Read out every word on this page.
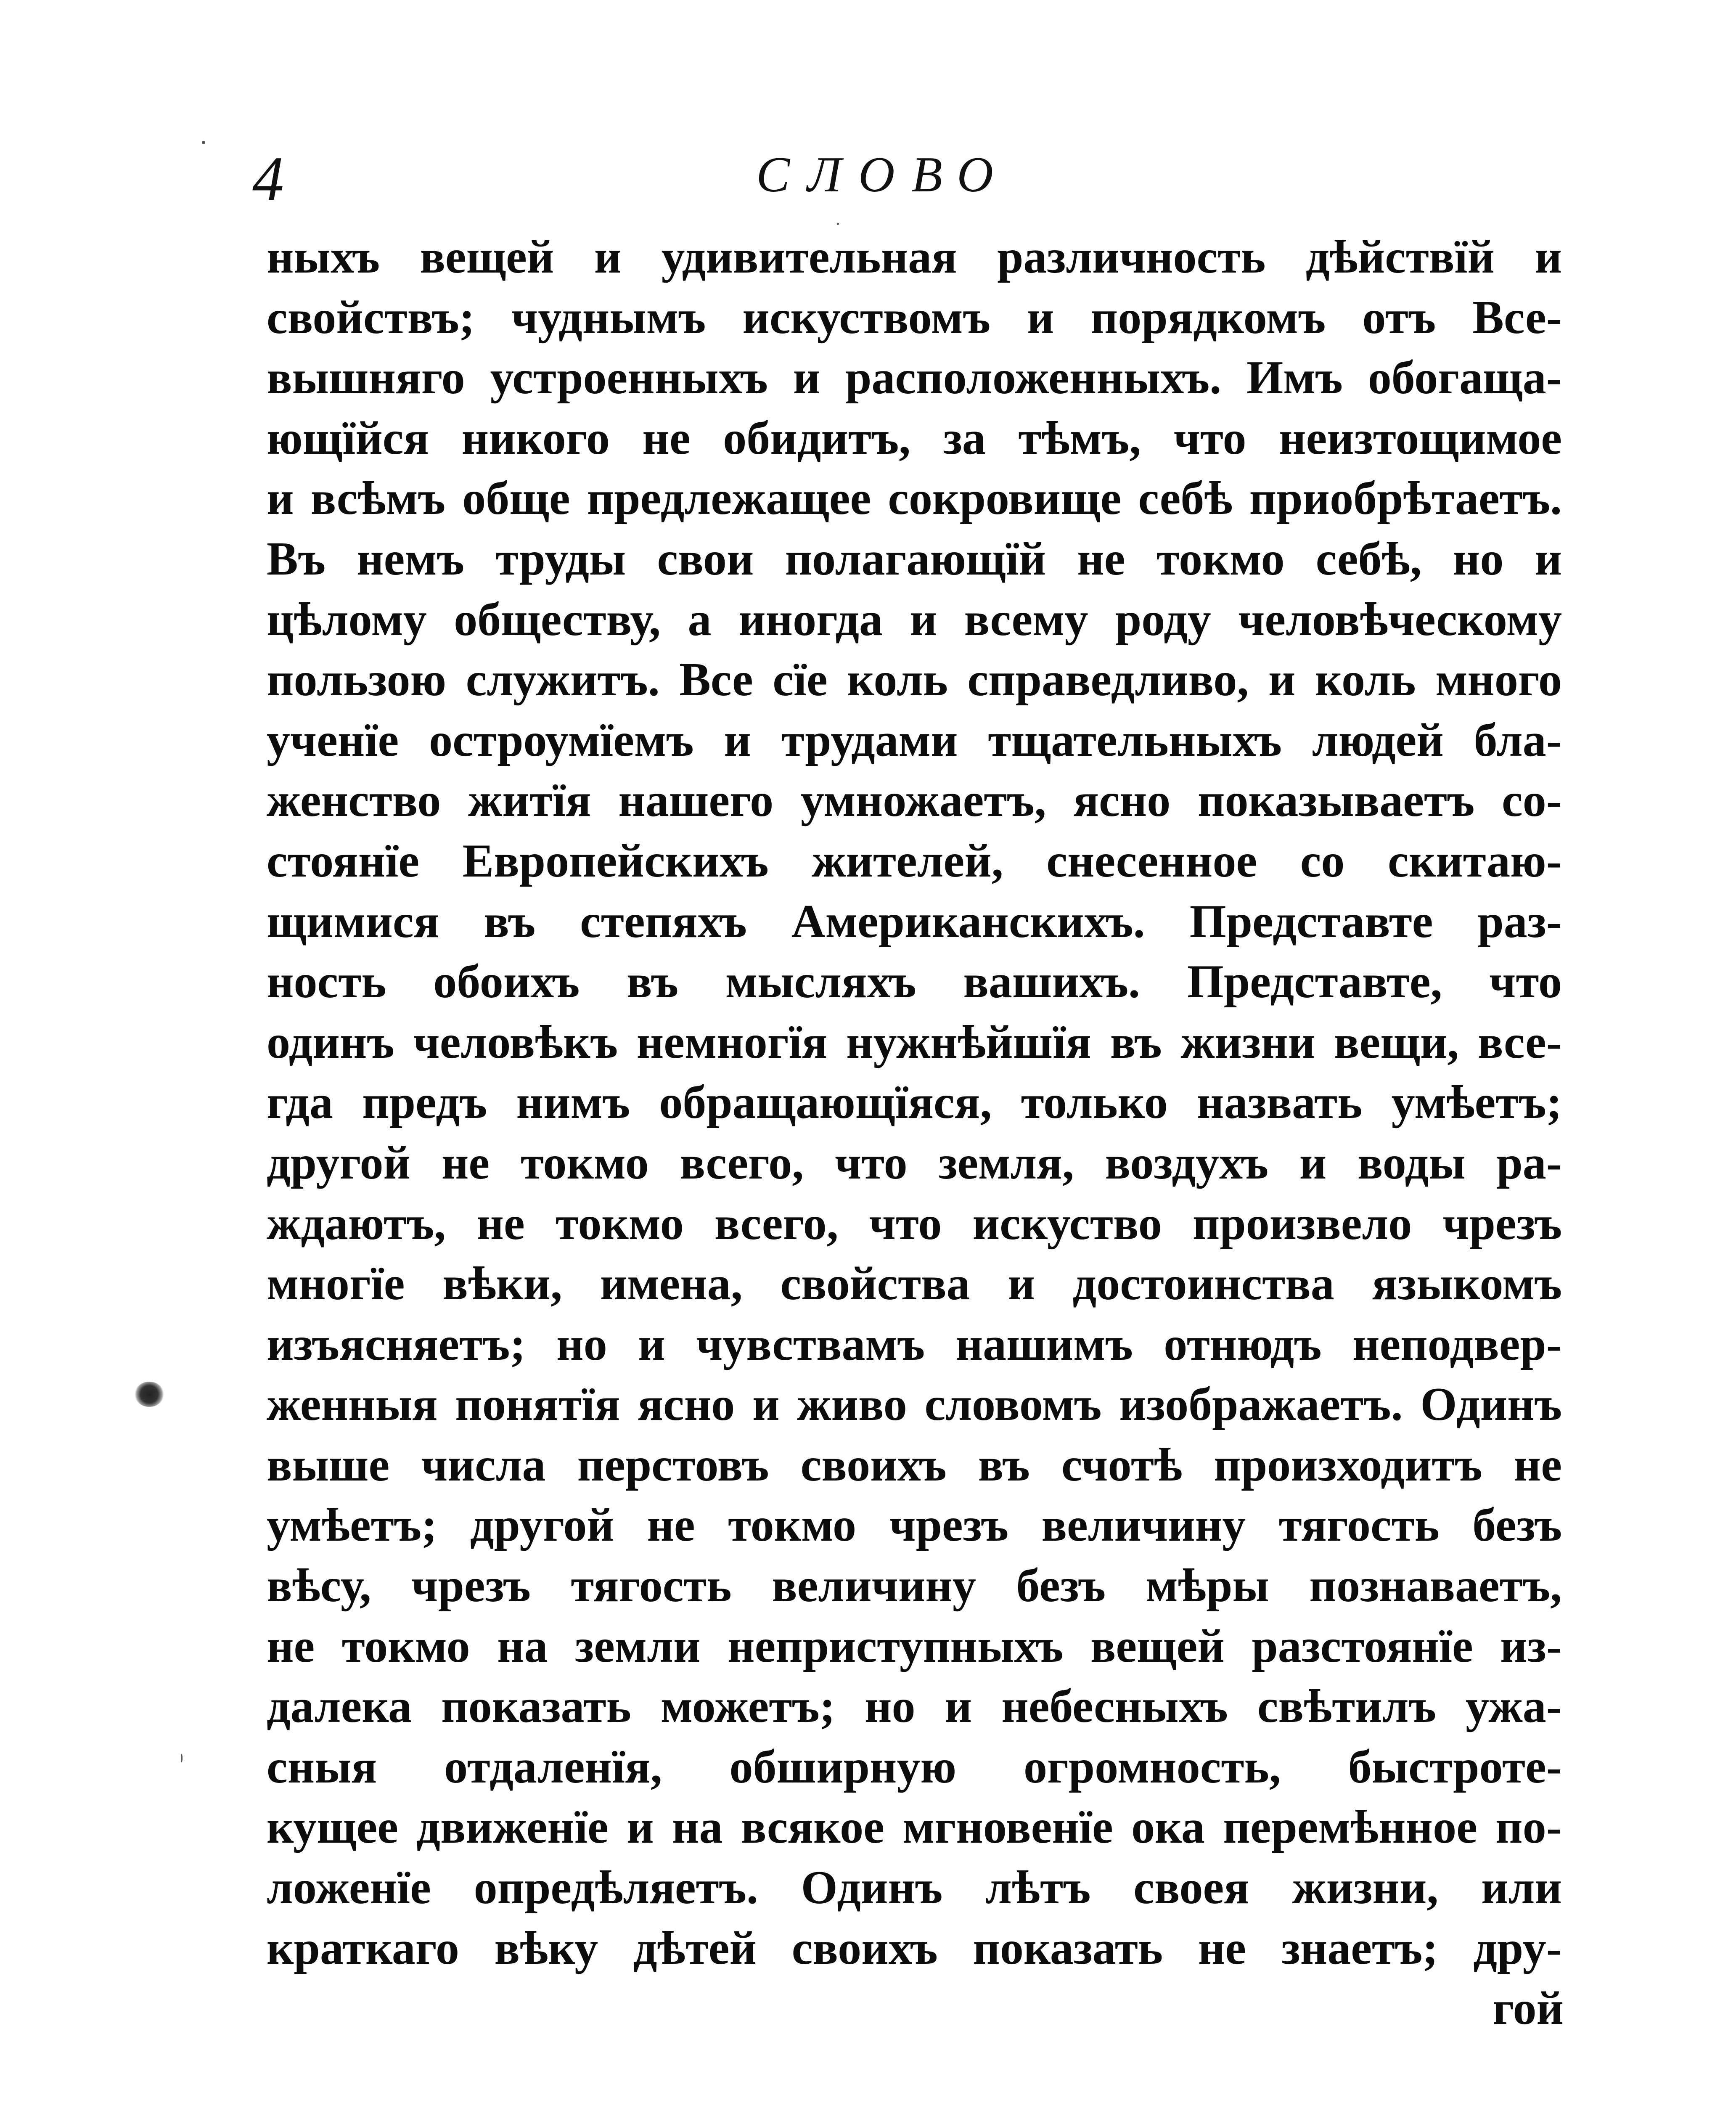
4	СЛОВО
ныхъ вещей и удивительная различность дѣйствїй и
свойствъ; чуднымъ искуствомъ и порядкомъ отъ Все-
вышняго устроенныхъ и расположенныхъ. Имъ обогаща-
ющїйся никого не обидитъ, за тѣмъ, что неизтощимое
и всѣмъ обще предлежащее сокровище себѣ приобрѣтаетъ.
Въ немъ труды свои полагающїй не токмо себѣ, но и
цѣлому обществу, а иногда и всему роду человѣческому
пользою служитъ. Все сїе коль справедливо, и коль много
ученїе остроумїемъ и трудами тщательныхъ людей бла-
женство житїя нашего умножаетъ, ясно показываетъ со-
стоянїе Европейскихъ жителей, снесенное со скитаю-
щимися въ степяхъ Американскихъ. Представте раз-
ность обоихъ въ мысляхъ вашихъ. Представте, что
одинъ человѣкъ немногїя нужнѣйшїя въ жизни вещи, все-
гда предъ нимъ обращающїяся, только назвать умѣетъ;
другой не токмо всего, что земля, воздухъ и воды ра-
ждаютъ, не токмо всего, что искуство произвело чрезъ
многїе вѣки, имена, свойства и достоинства языкомъ
изъясняетъ; но и чувствамъ нашимъ отнюдъ неподвер-
женныя понятїя ясно и живо словомъ изображаетъ. Одинъ
выше числа перстовъ своихъ въ счотѣ произходитъ не
умѣетъ; другой не токмо чрезъ величину тягость безъ
вѣсу, чрезъ тягость величину безъ мѣры познаваетъ,
не токмо на земли неприступныхъ вещей разстоянїе из-
далека показать можетъ; но и небесныхъ свѣтилъ ужа-
сныя отдаленїя, обширную огромность, быстроте-
кущее движенїе и на всякое мгновенїе ока перемѣнное по-
ложенїе опредѣляетъ. Одинъ лѣтъ своея жизни, или
краткаго вѣку дѣтей своихъ показать не знаетъ; дру-
гой
